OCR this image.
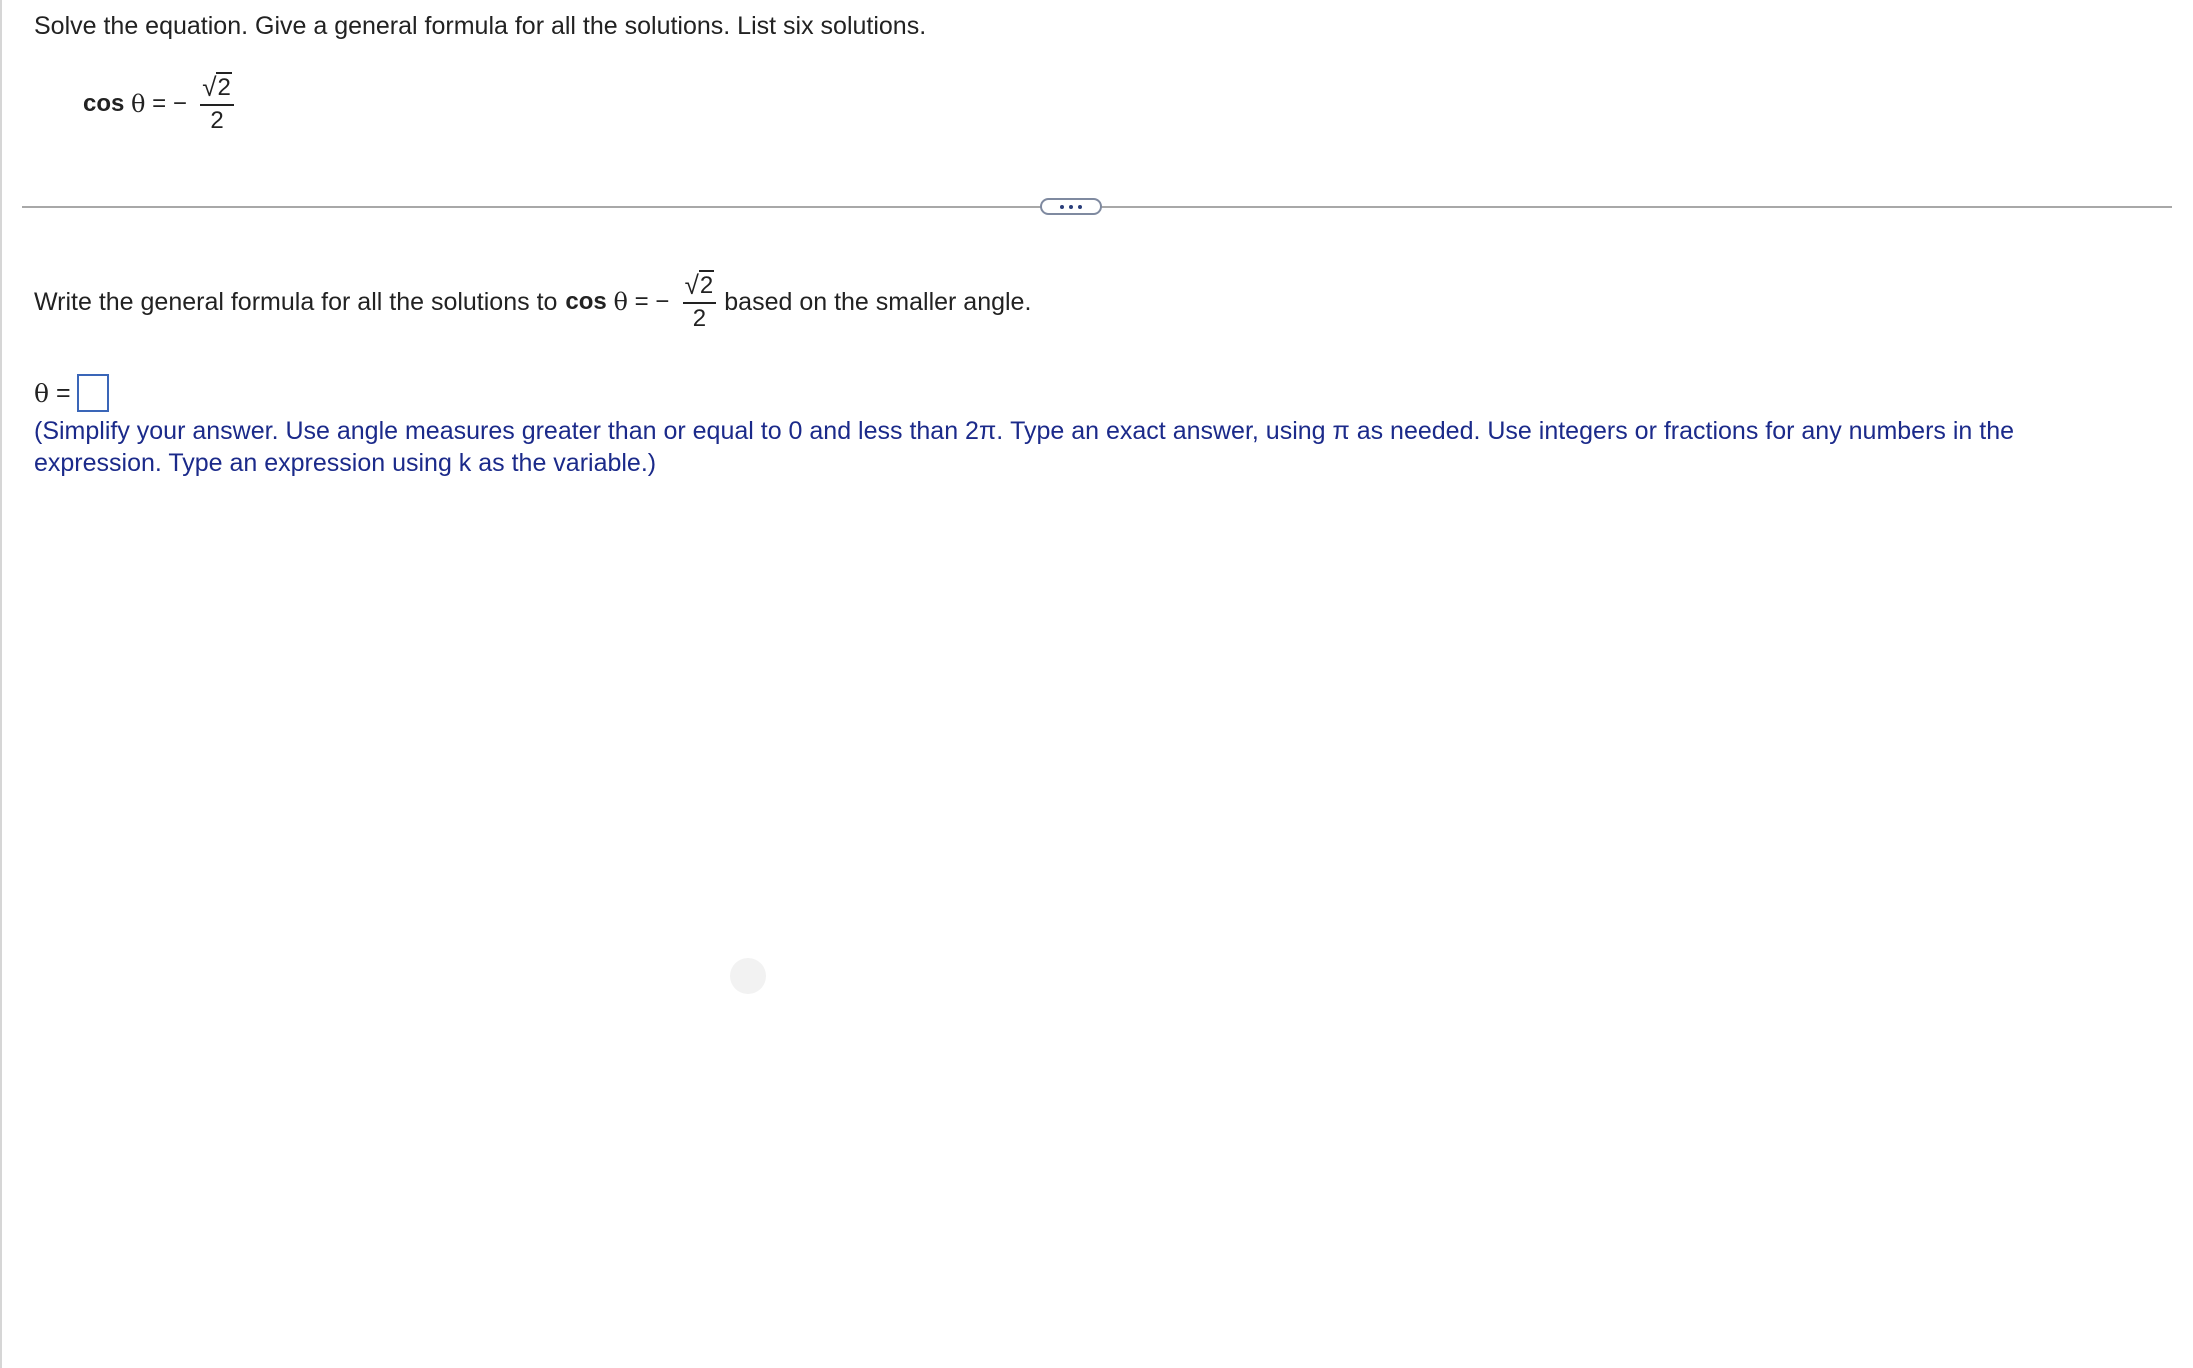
Solve the equation. Give a general formula for all the solutions. List six solutions.
cos
θ
=
−
$\frac{√ 2}{2}$
Write the general formula for all the solutions to cos
θ
=
−
$\frac{√ 2}{2}$ based on the smaller angle.
θ
=
(Simplify your answer. Use angle measures greater than or equal to 0 and less than 2π. Type an exact answer, using π as needed. Use integers or fractions for any numbers in the expression. Type an expression using k as the variable.)
